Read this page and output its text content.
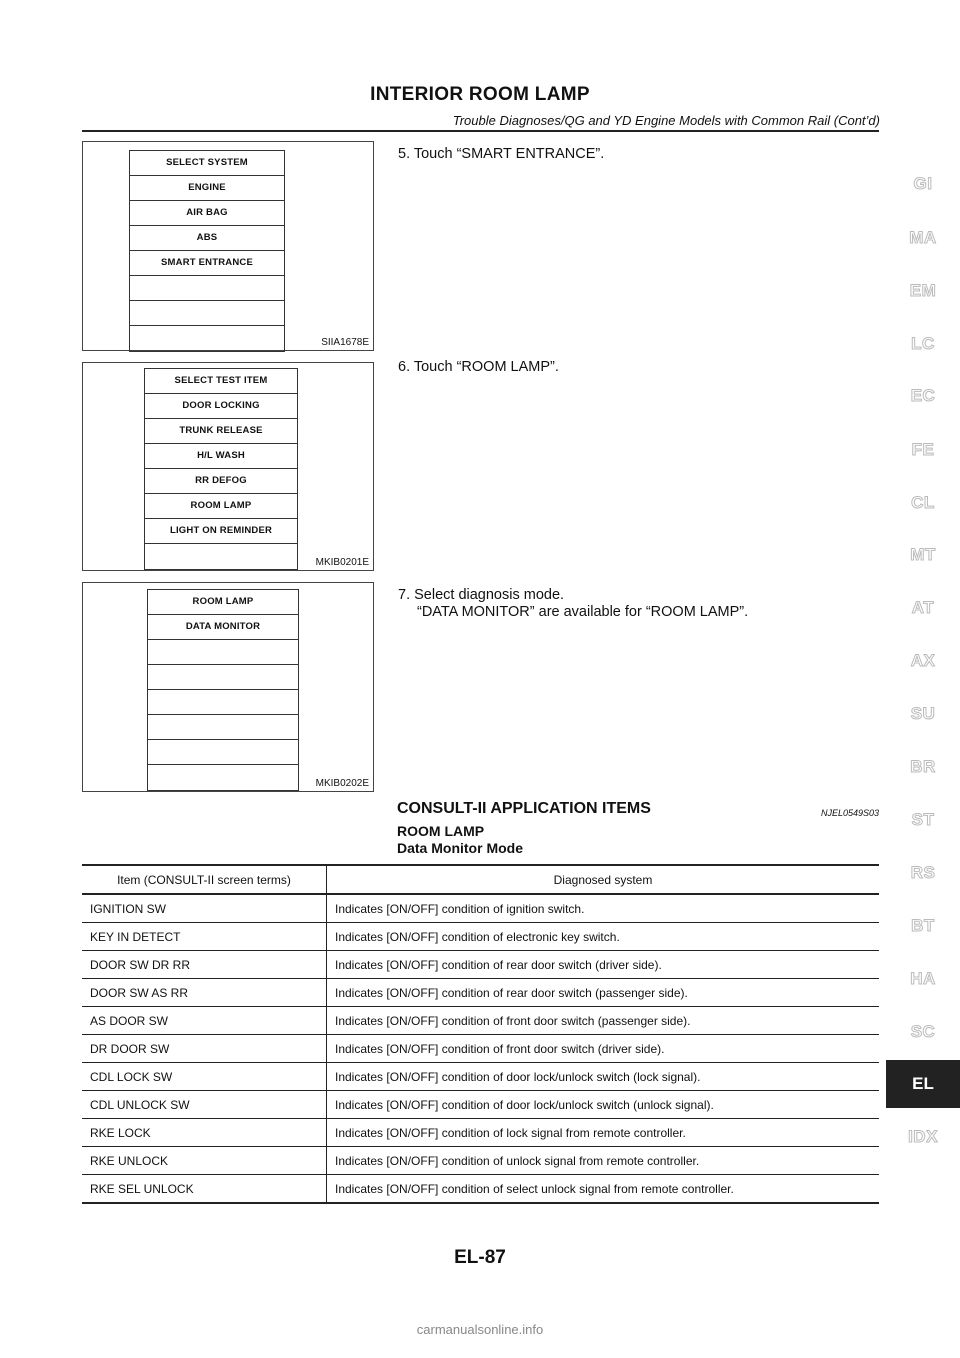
INTERIOR ROOM LAMP
Trouble Diagnoses/QG and YD Engine Models with Common Rail (Cont’d)
SELECT SYSTEM
ENGINE
AIR BAG
ABS
SMART ENTRANCE
SIIA1678E
SELECT TEST ITEM
DOOR LOCKING
TRUNK RELEASE
H/L WASH
RR DEFOG
ROOM LAMP
LIGHT ON REMINDER
MKIB0201E
ROOM LAMP
DATA MONITOR
MKIB0202E
5. Touch “SMART ENTRANCE”.
6. Touch “ROOM LAMP”.
7. Select diagnosis mode.
“DATA MONITOR” are available for “ROOM LAMP”.
CONSULT-II APPLICATION ITEMS	NJEL0549S03
ROOM LAMP
Data Monitor Mode
Item (CONSULT-II screen terms)	Diagnosed system
IGNITION SW	Indicates [ON/OFF] condition of ignition switch.
KEY IN DETECT	Indicates [ON/OFF] condition of electronic key switch.
DOOR SW DR RR	Indicates [ON/OFF] condition of rear door switch (driver side).
DOOR SW AS RR	Indicates [ON/OFF] condition of rear door switch (passenger side).
AS DOOR SW	Indicates [ON/OFF] condition of front door switch (passenger side).
DR DOOR SW	Indicates [ON/OFF] condition of front door switch (driver side).
CDL LOCK SW	Indicates [ON/OFF] condition of door lock/unlock switch (lock signal).
CDL UNLOCK SW	Indicates [ON/OFF] condition of door lock/unlock switch (unlock signal).
RKE LOCK	Indicates [ON/OFF] condition of lock signal from remote controller.
RKE UNLOCK	Indicates [ON/OFF] condition of unlock signal from remote controller.
RKE SEL UNLOCK	Indicates [ON/OFF] condition of select unlock signal from remote controller.
GI
MA
EM
LC
EC
FE
CL
MT
AT
AX
SU
BR
ST
RS
BT
HA
SC
EL
IDX
EL-87
carmanualsonline.info
